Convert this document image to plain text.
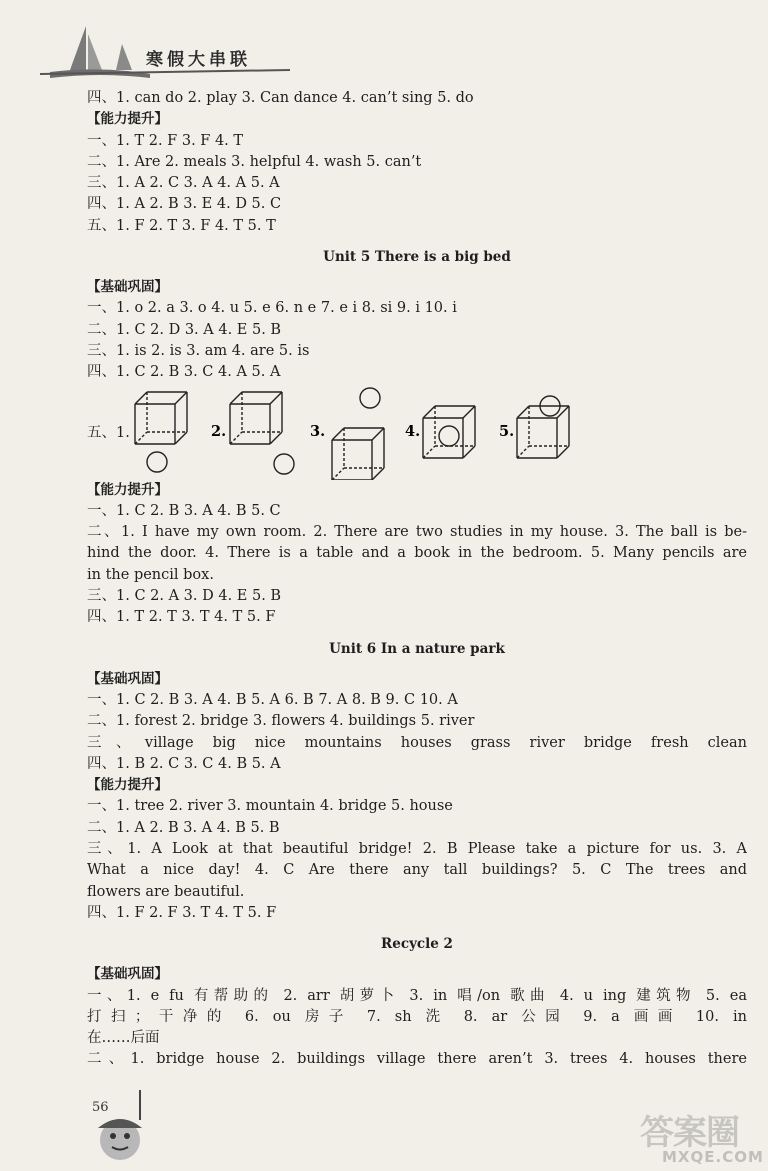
寒假大串联
四、1. can do 2. play 3. Can dance 4. can’t sing 5. do
【能力提升】
一、1. T 2. F 3. F 4. T
二、1. Are 2. meals 3. helpful 4. wash 5. can’t
三、1. A 2. C 3. A 4. A 5. A
四、1. A 2. B 3. E 4. D 5. C
五、1. F 2. T 3. F 4. T 5. T
Unit 5 There is a big bed
【基础巩固】
一、1. o 2. a 3. o 4. u 5. e 6. n e 7. e i 8. si 9. i 10. i
二、1. C 2. D 3. A 4. E 5. B
三、1. is 2. is 3. am 4. are 5. is
四、1. C 2. B 3. C 4. A 5. A
五、1.	2.	3.	4.	5.
【能力提升】
一、1. C 2. B 3. A 4. B 5. C
二、1. I have my own room. 2. There are two studies in my house. 3. The ball is be-
hind the door. 4. There is a table and a book in the bedroom. 5. Many pencils are
in the pencil box.
三、1. C 2. A 3. D 4. E 5. B
四、1. T 2. T 3. T 4. T 5. F
Unit 6 In a nature park
【基础巩固】
一、1. C 2. B 3. A 4. B 5. A 6. B 7. A 8. B 9. C 10. A
二、1. forest 2. bridge 3. flowers 4. buildings 5. river
三、village big nice mountains houses grass river bridge fresh clean
四、1. B 2. C 3. C 4. B 5. A
【能力提升】
一、1. tree 2. river 3. mountain 4. bridge 5. house
二、1. A 2. B 3. A 4. B 5. B
三、1. A Look at that beautiful bridge! 2. B Please take a picture for us. 3. A
What a nice day! 4. C Are there any tall buildings? 5. C The trees and
flowers are beautiful.
四、1. F 2. F 3. T 4. T 5. F
Recycle 2
【基础巩固】
一、1. e fu 有帮助的 2. arr 胡萝卜 3. in 唱/on 歌曲 4. u ing 建筑物 5. ea
打扫；干净的 6. ou 房子 7. sh 洗 8. ar 公园 9. a 画画 10. in
在……后面
二、1. bridge house 2. buildings village there aren’t 3. trees 4. houses there
56
答案圈
MXQE.COM
